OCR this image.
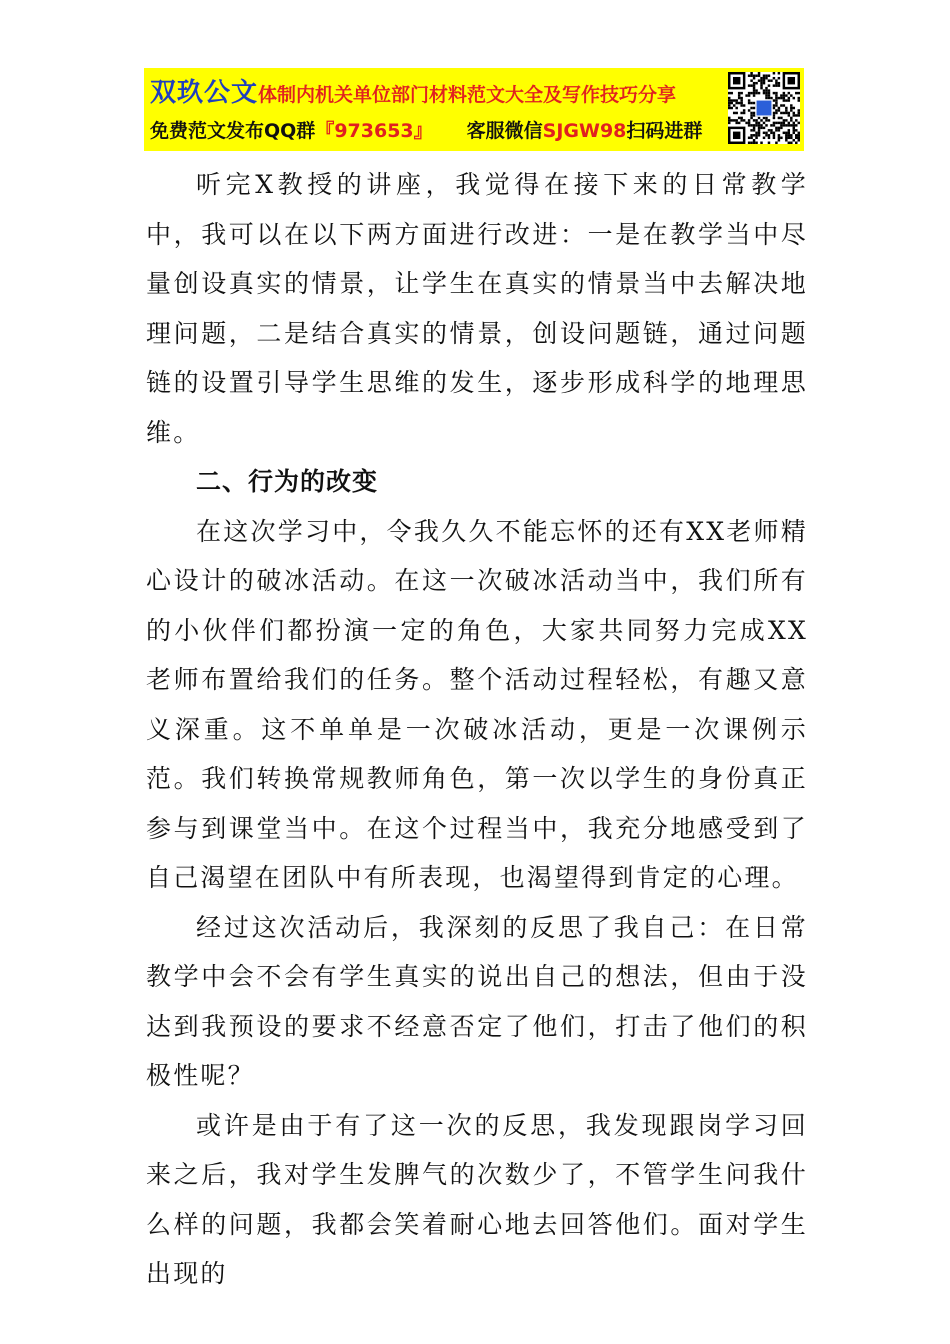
双玖公文体制内机关单位部门材料范文大全及写作技巧分享
免费范文发布QQ群『973653』 客服微信SJGW98扫码进群

听完X教授的讲座，我觉得在接下来的日常教学中，我可以在以下两方面进行改进：一是在教学当中尽量创设真实的情景，让学生在真实的情景当中去解决地理问题，二是结合真实的情景，创设问题链，通过问题链的设置引导学生思维的发生，逐步形成科学的地理思维。

二、行为的改变

在这次学习中，令我久久不能忘怀的还有XX老师精心设计的破冰活动。在这一次破冰活动当中，我们所有的小伙伴们都扮演一定的角色，大家共同努力完成XX老师布置给我们的任务。整个活动过程轻松，有趣又意义深重。这不单单是一次破冰活动，更是一次课例示范。我们转换常规教师角色，第一次以学生的身份真正参与到课堂当中。在这个过程当中，我充分地感受到了自己渴望在团队中有所表现，也渴望得到肯定的心理。

经过这次活动后，我深刻的反思了我自己：在日常教学中会不会有学生真实的说出自己的想法，但由于没达到我预设的要求不经意否定了他们，打击了他们的积极性呢？

或许是由于有了这一次的反思，我发现跟岗学习回来之后，我对学生发脾气的次数少了，不管学生问我什么样的问题，我都会笑着耐心地去回答他们。面对学生出现的
